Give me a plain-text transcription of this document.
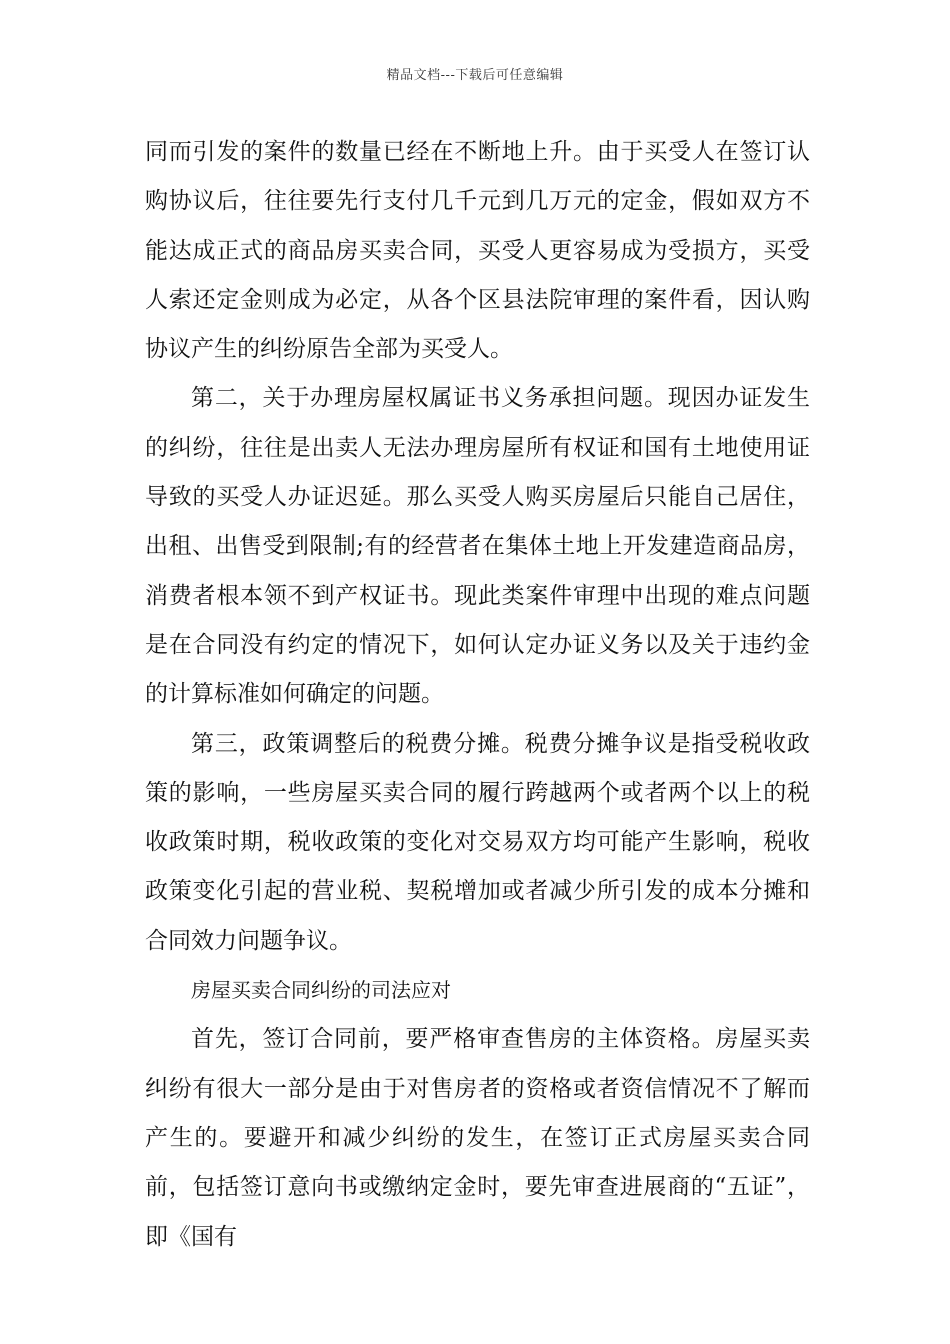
精品文档---下载后可任意编辑

同而引发的案件的数量已经在不断地上升。由于买受人在签订认购协议后，往往要先行支付几千元到几万元的定金，假如双方不能达成正式的商品房买卖合同，买受人更容易成为受损方，买受人索还定金则成为必定，从各个区县法院审理的案件看，因认购协议产生的纠纷原告全部为买受人。

第二，关于办理房屋权属证书义务承担问题。现因办证发生的纠纷，往往是出卖人无法办理房屋所有权证和国有土地使用证导致的买受人办证迟延。那么买受人购买房屋后只能自己居住，出租、出售受到限制;有的经营者在集体土地上开发建造商品房，消费者根本领不到产权证书。现此类案件审理中出现的难点问题是在合同没有约定的情况下，如何认定办证义务以及关于违约金的计算标准如何确定的问题。

第三，政策调整后的税费分摊。税费分摊争议是指受税收政策的影响，一些房屋买卖合同的履行跨越两个或者两个以上的税收政策时期，税收政策的变化对交易双方均可能产生影响，税收政策变化引起的营业税、契税增加或者减少所引发的成本分摊和合同效力问题争议。

房屋买卖合同纠纷的司法应对

首先，签订合同前，要严格审查售房的主体资格。房屋买卖纠纷有很大一部分是由于对售房者的资格或者资信情况不了解而产生的。要避开和减少纠纷的发生，在签订正式房屋买卖合同前，包括签订意向书或缴纳定金时，要先审查进展商的“五证”，即《国有
